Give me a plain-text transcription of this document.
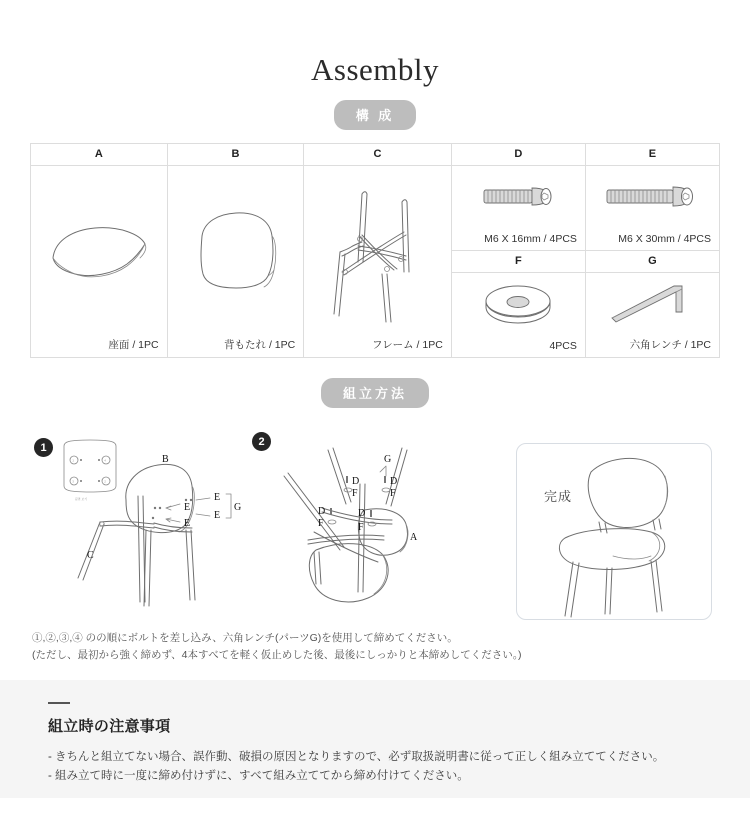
Assembly
構 成
A
座面 / 1PC
B
背もたれ / 1PC
C
フレーム / 1PC
D
M6 X 16mm / 4PCS
E
M6 X 30mm / 4PCS
F
4PCS
G
六角レンチ / 1PC
組立方法
1
1	4
3	2
뒷면 보기
B
C
E
E
E
E
G
2
A
D
F
D
F
D
F
D
F
G
完成
①,②,③,④ のの順にボルトを差し込み、六角レンチ(パーツG)を使用して締めてください。
(ただし、最初から強く締めず、4本すべてを軽く仮止めした後、最後にしっかりと本締めしてください。)
組立時の注意事項
- きちんと組立てない場合、誤作動、破損の原因となりますので、必ず取扱説明書に従って正しく組み立ててください。
- 組み立て時に一度に締め付けずに、すべて組み立ててから締め付けてください。
